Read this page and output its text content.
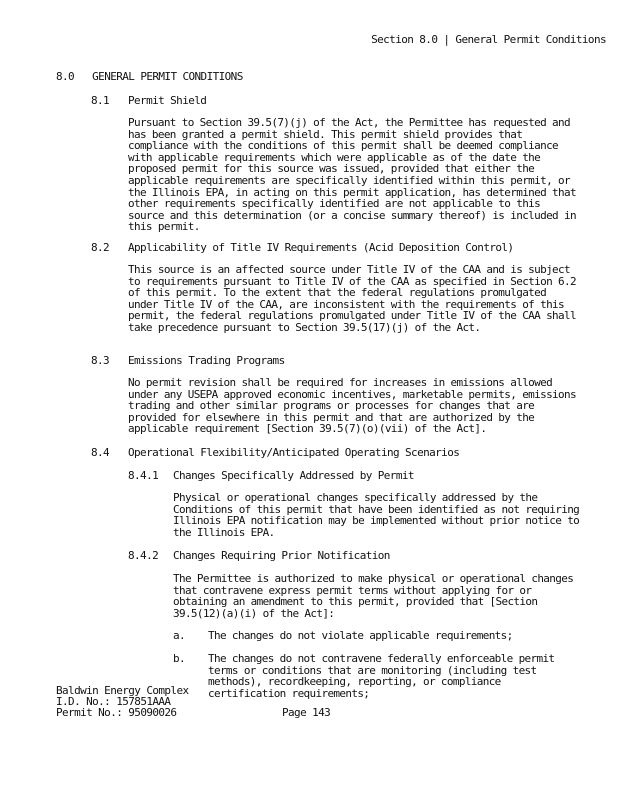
Section 8.0 | General Permit Conditions
8.0 GENERAL PERMIT CONDITIONS
8.1 Permit Shield
Pursuant to Section 39.5(7)(j) of the Act, the Permittee has requested and has been granted a permit shield. This permit shield provides that compliance with the conditions of this permit shall be deemed compliance with applicable requirements which were applicable as of the date the proposed permit for this source was issued, provided that either the applicable requirements are specifically identified within this permit, or the Illinois EPA, in acting on this permit application, has determined that other requirements specifically identified are not applicable to this source and this determination (or a concise summary thereof) is included in this permit.
8.2 Applicability of Title IV Requirements (Acid Deposition Control)
This source is an affected source under Title IV of the CAA and is subject to requirements pursuant to Title IV of the CAA as specified in Section 6.2 of this permit. To the extent that the federal regulations promulgated under Title IV of the CAA, are inconsistent with the requirements of this permit, the federal regulations promulgated under Title IV of the CAA shall take precedence pursuant to Section 39.5(17)(j) of the Act.
8.3 Emissions Trading Programs
No permit revision shall be required for increases in emissions allowed under any USEPA approved economic incentives, marketable permits, emissions trading and other similar programs or processes for changes that are provided for elsewhere in this permit and that are authorized by the applicable requirement [Section 39.5(7)(o)(vii) of the Act].
8.4 Operational Flexibility/Anticipated Operating Scenarios
8.4.1 Changes Specifically Addressed by Permit
Physical or operational changes specifically addressed by the Conditions of this permit that have been identified as not requiring Illinois EPA notification may be implemented without prior notice to the Illinois EPA.
8.4.2 Changes Requiring Prior Notification
The Permittee is authorized to make physical or operational changes that contravene express permit terms without applying for or obtaining an amendment to this permit, provided that [Section 39.5(12)(a)(i) of the Act]:
a. The changes do not violate applicable requirements;
b. The changes do not contravene federally enforceable permit terms or conditions that are monitoring (including test methods), recordkeeping, reporting, or compliance certification requirements;
Baldwin Energy Complex
I.D. No.: 157851AAA
Permit No.: 95090026	Page 143
